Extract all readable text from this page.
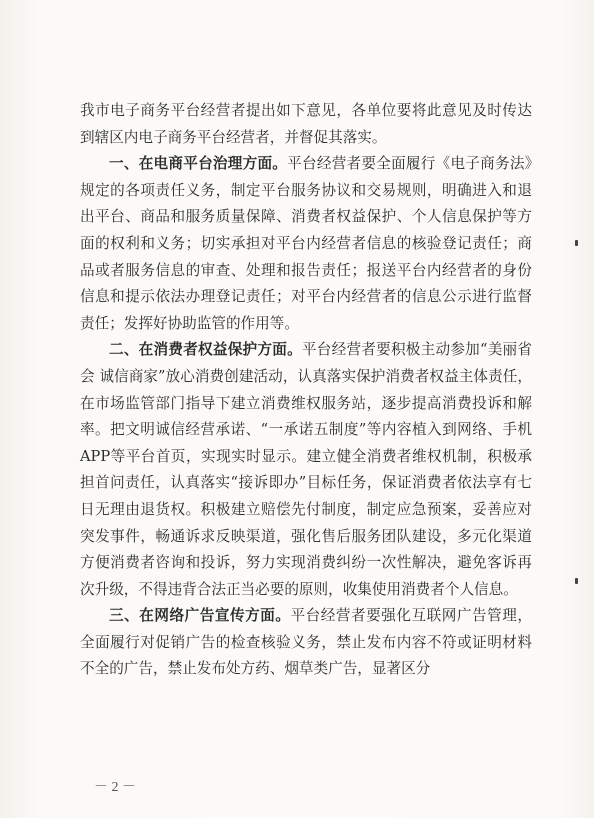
我市电子商务平台经营者提出如下意见，各单位要将此意见及时传达到辖区内电子商务平台经营者，并督促其落实。

一、在电商平台治理方面。平台经营者要全面履行《电子商务法》规定的各项责任义务，制定平台服务协议和交易规则，明确进入和退出平台、商品和服务质量保障、消费者权益保护、个人信息保护等方面的权利和义务；切实承担对平台内经营者信息的核验登记责任；商品或者服务信息的审查、处理和报告责任；报送平台内经营者的身份信息和提示依法办理登记责任；对平台内经营者的信息公示进行监督责任；发挥好协助监管的作用等。

二、在消费者权益保护方面。平台经营者要积极主动参加“美丽省会 诚信商家”放心消费创建活动，认真落实保护消费者权益主体责任，在市场监管部门指导下建立消费维权服务站，逐步提高消费投诉和解率。把文明诚信经营承诺、“一承诺五制度”等内容植入到网络、手机APP等平台首页，实现实时显示。建立健全消费者维权机制，积极承担首问责任，认真落实“接诉即办”目标任务，保证消费者依法享有七日无理由退货权。积极建立赔偿先付制度，制定应急预案，妥善应对突发事件，畅通诉求反映渠道，强化售后服务团队建设，多元化渠道方便消费者咨询和投诉，努力实现消费纠纷一次性解决，避免客诉再次升级，不得违背合法正当必要的原则，收集使用消费者个人信息。

三、在网络广告宣传方面。平台经营者要强化互联网广告管理，全面履行对促销广告的检查核验义务，禁止发布内容不符或证明材料不全的广告，禁止发布处方药、烟草类广告，显著区分

－ 2 －
